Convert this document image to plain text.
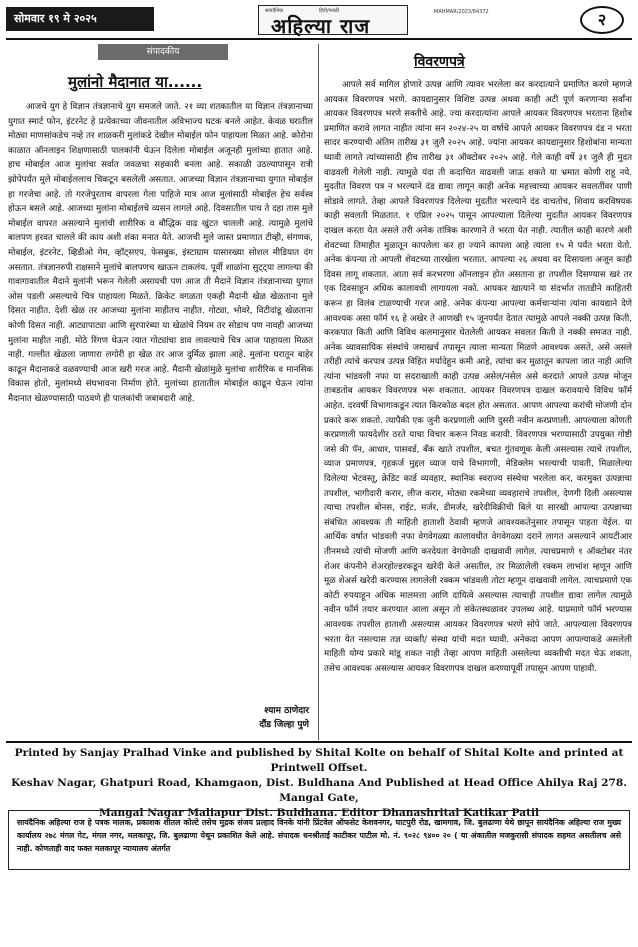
सोमवार १९ मे २०२५
सायंदैनिक	हिंदी/मराठी
अहिल्या राज
MAHMAR/2023/84372	२
संपादकीय
मुलांनो मैदानात या......
आजचे युग हे विज्ञान तंत्रज्ञानाचे युग समजले जाते. २१ व्या शतकातील या विज्ञान तंत्रज्ञानाच्या युगात स्मार्ट फोन, इंटरनेट हे प्रत्येकाच्या जीवनातील अविभाज्य घटक बनले आहेत. केवळ घरातील मोठ्या माणसांकडेच नव्हे तर शाळकरी मुलांकडे देखील मोबाईल फोन पाहायला मिळत आहे. कोरोना काळात ऑनलाइन शिक्षणासाठी पालकांनी घेऊन दिलेला मोबाईल अजूनही मुलांच्या हातात आहे. हाच मोबाईल आज मुलांचा सर्वात जवळचा सहकारी बनला आहे. सकाळी उठल्यापासून रात्री झोपेपर्यंत मुले मोबाईललाच चिकटून बसलेली असतात. आजच्या विज्ञान तंत्रज्ञानाच्या युगात मोबाईल हा गरजेचा आहे. तो गरजेपुरताच वापरला गेला पाहिजे मात्र आज मुलांसाठी मोबाईल हेच सर्वस्व होऊन बसले आहे. आजच्या मुलांना मोबाईलचे व्यसन लागले आहे. दिवसातील पाच ते दहा तास मुले मोबाईल वापरत असल्याने मुलांची शारीरिक व बौद्धिक वाढ खुंटत चालली आहे. त्यामुळे मुलांचे बालपण हरवत चालले की काय अशी शंका मनात येते. आजची मुले जास्त प्रमाणात टीव्ही, संगणक, मोबाईल, इंटरनेट, व्हिडीओ गेम, व्हॉट्सएप, फेसबुक, इंस्टाग्राम यासारख्या सोशल मीडियात दंग असतात. तंत्रज्ञानरुपी राक्षसाने मुलांचे बालपणच खाऊन टाकलंय. पूर्वी शाळांना सुट्ट्या लागल्या की गावागावातील मैदाने मुलांनी भरून गेलेली असायची पण आज ती मैदाने विज्ञान तंत्रज्ञानाच्या युगात ओस पडली असल्याचे चित्र पाहायला मिळते. क्रिकेट वगळता एकही मैदानी खेळ खेळताना मुले दिसत नाहीत. देशी खेळ तर आजच्या मुलांना माहीतच नाहीत. गोट्या, भोवरे, विटीदांडू खेळताना कोणी दिसत नाही. आट्यापाट्या आणि सुरपारंब्या या खेळांचे नियम तर सोडाच पण नावही आजच्या मुलांना माहीत नाही. मोठे रिंगण घेऊन त्यात गोट्यांचा डाव लावल्याचे चित्र आज पाहायला मिळत नाही. गल्लीत खेळला जाणारा लगोरी हा खेळ तर आज दुर्मिळ झाला आहे. मुलांना घरातून बाहेर काढून मैदानाकडे वळवण्याची आज खरी गरज आहे. मैदानी खेळांमुळे मुलांचा शारीरिक व मानसिक विकास होतो, मुलांमध्ये संघभावना निर्माण होते. मुलांच्या हातातील मोबाईल काढून घेऊन त्यांना मैदानात खेळण्यासाठी पाठवणे ही पालकांची जबाबदारी आहे.
श्याम ठाणेदार
दौंड जिल्हा पुणे
विवरणपत्रे
आपले सर्व मागिल होणारे उत्पन्न आणि त्यावर भरलेला कर करदात्याने प्रमाणित करणे म्हणजे आयकर विवरणपत्र भरणे. कायद्यानुसार विशिष्ट उत्पन्न अथवा काही अटी पूर्ण करणाऱ्या सर्वांना आयकर विवरणपत्र भरणे सक्तीचे आहे. ज्या करदात्यांना आपले आयकर विवरणपत्र भरताना हिशोब प्रमाणित करावे लागत नाहीत त्यांना सन २०२४-२५ या वर्षाचे आपले आयकर विवरणपत्र दंड न भरता सादर करण्याची अंतिम तारीख ३१ जुलै २०२५ आहे. ज्यांना आयकर कायद्यानुसार हिशोबांना मान्यता घ्यावी लागते त्यांच्यासाठी हीच तारीख ३१ ऑक्टोबर २०२५ आहे. गेले काही वर्षे ३१ जुलै ही मुदत वाढवली गेलेली नाही. त्यामुळे यंदा ती कदाचित वाढवली जाऊ शकते या भ्रमात कोणी राहू नये. मुदतीत विवरण पत्र न भरल्याने दंड द्यावा लागून काही अनेक महत्त्वाच्या आयकर सवलतींवर पाणी सोडावे लागते. तेव्हा आपले विवरणपत्र दिलेल्या मुदतीत भरल्याने दंड वाचतोच, शिवाय करविषयक काही सवलती मिळतात. १ एप्रिल २०२५ पासून आपल्याला दिलेल्या मुदतीत आयकर विवरणपत्र दाखल करता येत असले तरी अनेक तांत्रिक कारणाने ते भरता येत नाही. त्यातील काही कारणे अशी शेवटच्या तिमाहीत मुळातून कापलेला कर हा ज्याने कापला आहे त्याला १५ मे पर्यंत भरता येतो. अनेक कंपन्या तो आपली शेवटच्या तारखेला भरतात. आपल्या २६ अथवा वर दिसायला अजून काही दिवस लागू शकतात. आता सर्व करभरणा ऑनलाइन होत असताना हा तपशील दिसण्यास खरं तर एक दिवसाहून अधिक कालावधी लागायला नको. आयकर खात्याने या संदर्भात तातडीने काहितरी करून हा विलंब टाळण्याची गरज आहे. अनेक कंपन्या आपल्या कर्मचाऱ्यांना त्यांना कायद्याने देणे आवश्यक असा फॉर्म १६ हे अखेर ते आणखी १५ जूनपर्यंत देतात त्यामुळे आपले नक्की उत्पन्न किती, करकपात किती आणि विविध कलमानुसार घेतलेली आयकर सवलत किती ते नक्की समजत नाही. अनेक व्यावसायिक संस्थांचे जमाखर्च तपासून त्याला मान्यता मिळणे आवश्यक असते, असे असले तरीही त्यांचे करपात्र उत्पन्न विहित मर्यादेहून कमी आहे, त्यांचा कर मुळातून कापला जात नाही आणि त्यांना भांडवली नफा या सदराखाली काही उत्पन्न असेल/नसेल असे करदाते आपले उत्पन्न मोजून ताबडतोब आयकर विवरणपत्र भरू शकतात. आयकर विवरणपत्र दाखल करावयाचे विविध फॉर्म आहेत. दरवर्षी विभागाकडून त्यात किरकोळ बदल होत असतात. आपण आपल्या करांची मोजणी दोन प्रकारे करू शकतो. त्यापैकी एक जुनी करप्रणाली आणि दुसरी नवीन करप्रणाली. आपल्याला कोणती करप्रणाली फायदेशीर ठरते याचा विचार करून निवड करावी. विवरणपत्र भरण्यासाठी उपयुक्त गोष्टी जसे की पॅन, आधार, पासवर्ड, बँक खाते तपशील, बचत गुंतवणूक केली असल्यास त्याचे तपशील, व्याज प्रमाणपत्र, गृहकर्ज मुद्दल व्याज याचे विभागणी, मेडिक्लेम भरल्याची पावती, मिळालेल्या दिलेल्या भेटवस्तू, क्रेडिट कार्ड व्यवहार, स्थानिक स्वराज्य संस्थेचा भरलेला कर, करमुक्त उत्पन्नाचा तपशील, भागीदारी करार, लीज करार, मोठ्या रकमेच्या व्यवहाराचे तपशील, देणगी दिली असल्यास त्याचा तपशील बोनस, राईट, मर्जर, डीमर्जर, खरेदीविक्रीची बिले या सारखी आपल्या उत्पन्नाच्या संबंधित आवश्यक ती माहिती हाताशी ठेवावी म्हणजे आवश्यकतेनुसार तपासून पाहता येईल. या आर्थिक वर्षात भांडवली नफा वेगवेगळ्या कालावधीत वेगवेगळ्या दराने लागत असल्याने आयटीआर तीनमध्ये त्यांची मोजणी आणि करदेयता वेगवेगळी दाखवावी लागेल. त्याचप्रमाणे १ ऑक्टोबर नंतर शेअर कंपनीने शेअरहोल्डरकडून खरेदी केले असतील, तर मिळालेली रक्कम लाभांश म्हणून आणि मूळ शेअर्स खरेदी करण्यास लागलेली रक्कम भांडवली तोटा म्हणून दाखवावी लागेल. त्याचप्रमाणे एक कोटी रुपयाहून अधिक मालमत्ता आणि दायित्वे असल्यास त्याचाही तपशील द्यावा लागेल त्यामुळे नवीन फॉर्म तयार करण्यात आला असून तो संकेतस्थळावर उपलब्ध आहे. याप्रमाणे फॉर्म भरण्यास आवश्यक तपशील हाताशी असल्यास आयकर विवरणपत्र भरणे सोपे जाते. आपल्याला विवरणपत्र भरता येत नसल्यास तज्ञ व्यक्ती/ संस्था यांची मदत घ्यावी. अनेकदा आपण आपल्याकडे असलेली माहिती योग्य प्रकारे मांडू शकत नाही तेव्हा आपण माहिती असलेल्या व्यक्तीची मदत घेऊ शकता, तसेच आवश्यक असल्यास आयकर विवरणपत्र दाखल करण्यापूर्वी तपासून आपण पाहावी.
Printed by Sanjay Pralhad Vinke and published by Shital Kolte on behalf of Shital Kolte and printed at Printwell Offset.
Keshav Nagar, Ghatpuri Road, Khamgaon, Dist. Buldhana And Published at Head Office Ahilya Raj 278. Mangal Gate,
Mangal Nagar Maliapur Dist. Buldhana. Editor Dhanashrital Katikar Patil
सायंदैनिक अहिल्या राज हे पत्रक मालक, प्रकाशक शीतल कोल्टे तसेच मुद्रक संजय प्रल्हाद विनके यांनी प्रिंटवेल ऑफसेट केशवनगर, घाटपुरी रोड, खामगाव, जि. बुलढाणा येथे छापून सायंदैनिक अहिल्या राज मुख्य कार्यालय २७८ मंगल गेट, मंगल नगर, मलकापूर, जि. बुलढाणा येथून प्रकाशित केले आहे. संपादक धनश्रीताई काटीकर पाटील मो. नं. ९०२८ ९४०० २० ( या अंकातील मजकुरासी संपादक सहमत असतीलच असे नाही. कोणताही वाद फक्त मलकापूर न्यायालय अंतर्गत
